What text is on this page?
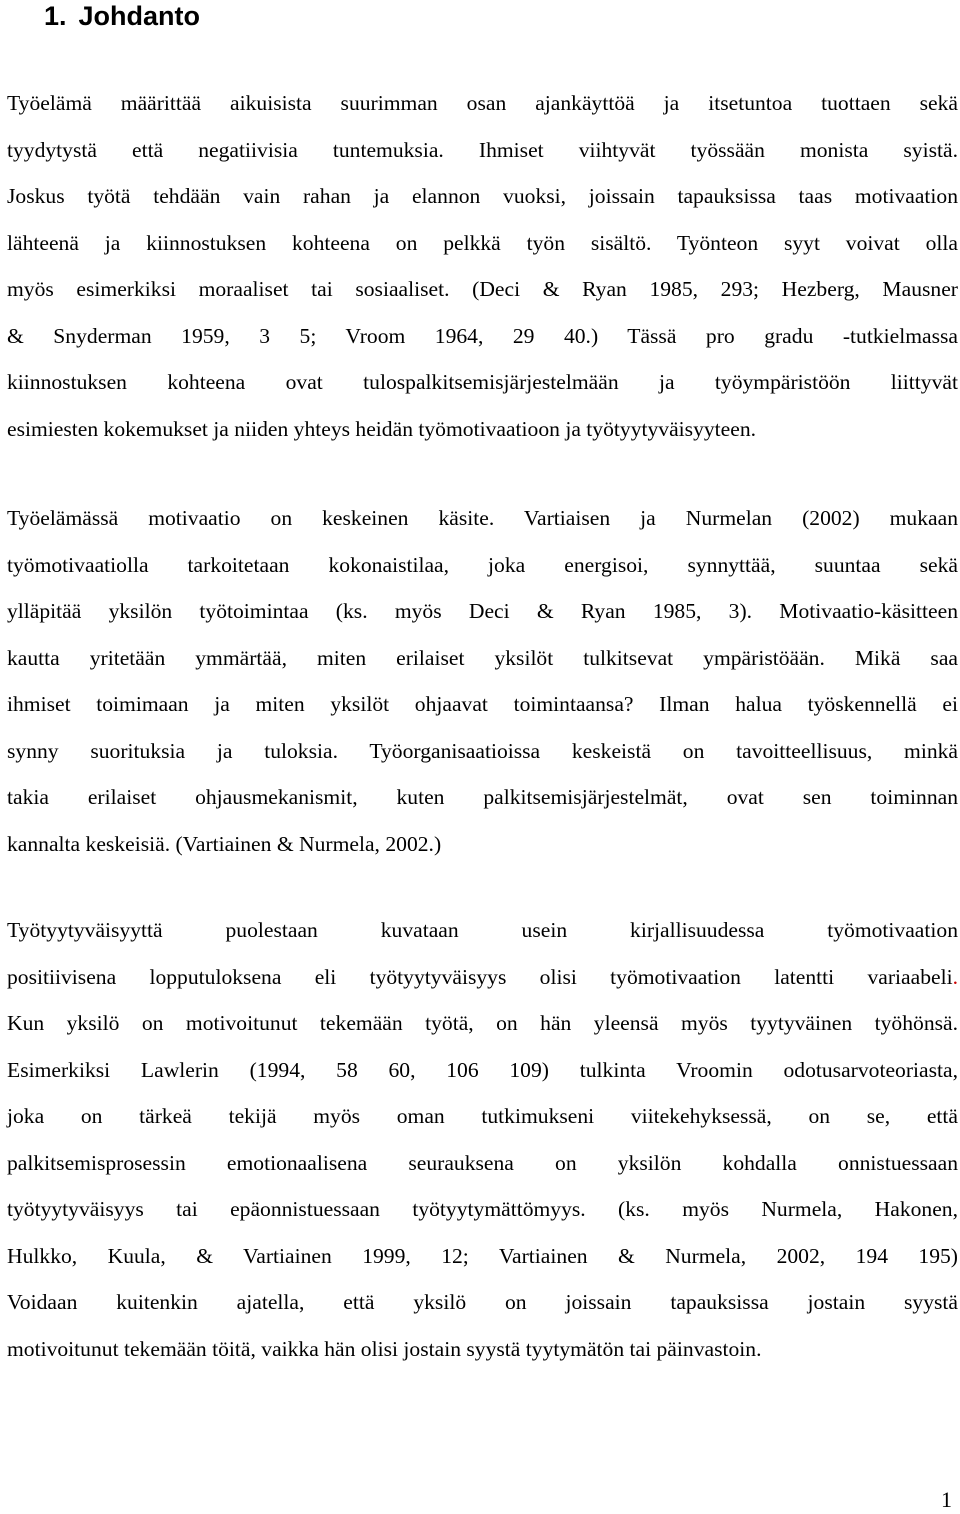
1. Johdanto
Työelämä määrittää aikuisista suurimman osan ajankäyttöä ja itsetuntoa tuottaen sekä
tyydytystä että negatiivisia tuntemuksia. Ihmiset viihtyvät työssään monista syistä.
Joskus työtä tehdään vain rahan ja elannon vuoksi, joissain tapauksissa taas motivaation
lähteenä ja kiinnostuksen kohteena on pelkkä työn sisältö. Työnteon syyt voivat olla
myös esimerkiksi moraaliset tai sosiaaliset. (Deci & Ryan 1985, 293; Hezberg, Mausner
& Snyderman 1959, 3 5; Vroom 1964, 29 40.) Tässä pro gradu -tutkielmassa
kiinnostuksen kohteena ovat tulospalkitsemisjärjestelmään ja työympäristöön liittyvät
esimiesten kokemukset ja niiden yhteys heidän työmotivaatioon ja työtyytyväisyyteen.
Työelämässä motivaatio on keskeinen käsite. Vartiaisen ja Nurmelan (2002) mukaan
työmotivaatiolla tarkoitetaan kokonaistilaa, joka energisoi, synnyttää, suuntaa sekä
ylläpitää yksilön työtoimintaa (ks. myös Deci & Ryan 1985, 3). Motivaatio-käsitteen
kautta yritetään ymmärtää, miten erilaiset yksilöt tulkitsevat ympäristöään. Mikä saa
ihmiset toimimaan ja miten yksilöt ohjaavat toimintaansa? Ilman halua työskennellä ei
synny suorituksia ja tuloksia. Työorganisaatioissa keskeistä on tavoitteellisuus, minkä
takia erilaiset ohjausmekanismit, kuten palkitsemisjärjestelmät, ovat sen toiminnan
kannalta keskeisiä. (Vartiainen & Nurmela, 2002.)
Työtyytyväisyyttä puolestaan kuvataan usein kirjallisuudessa työmotivaation
positiivisena lopputuloksena eli työtyytyväisyys olisi työmotivaation latentti variaabeli.
Kun yksilö on motivoitunut tekemään työtä, on hän yleensä myös tyytyväinen työhönsä.
Esimerkiksi Lawlerin (1994, 58 60, 106 109) tulkinta Vroomin odotusarvoteoriasta,
joka on tärkeä tekijä myös oman tutkimukseni viitekehyksessä, on se, että
palkitsemisprosessin emotionaalisena seurauksena on yksilön kohdalla onnistuessaan
työtyytyväisyys tai epäonnistuessaan työtyytymättömyys. (ks. myös Nurmela, Hakonen,
Hulkko, Kuula, & Vartiainen 1999, 12; Vartiainen & Nurmela, 2002, 194 195)
Voidaan kuitenkin ajatella, että yksilö on joissain tapauksissa jostain syystä
motivoitunut tekemään töitä, vaikka hän olisi jostain syystä tyytymätön tai päinvastoin.
1
